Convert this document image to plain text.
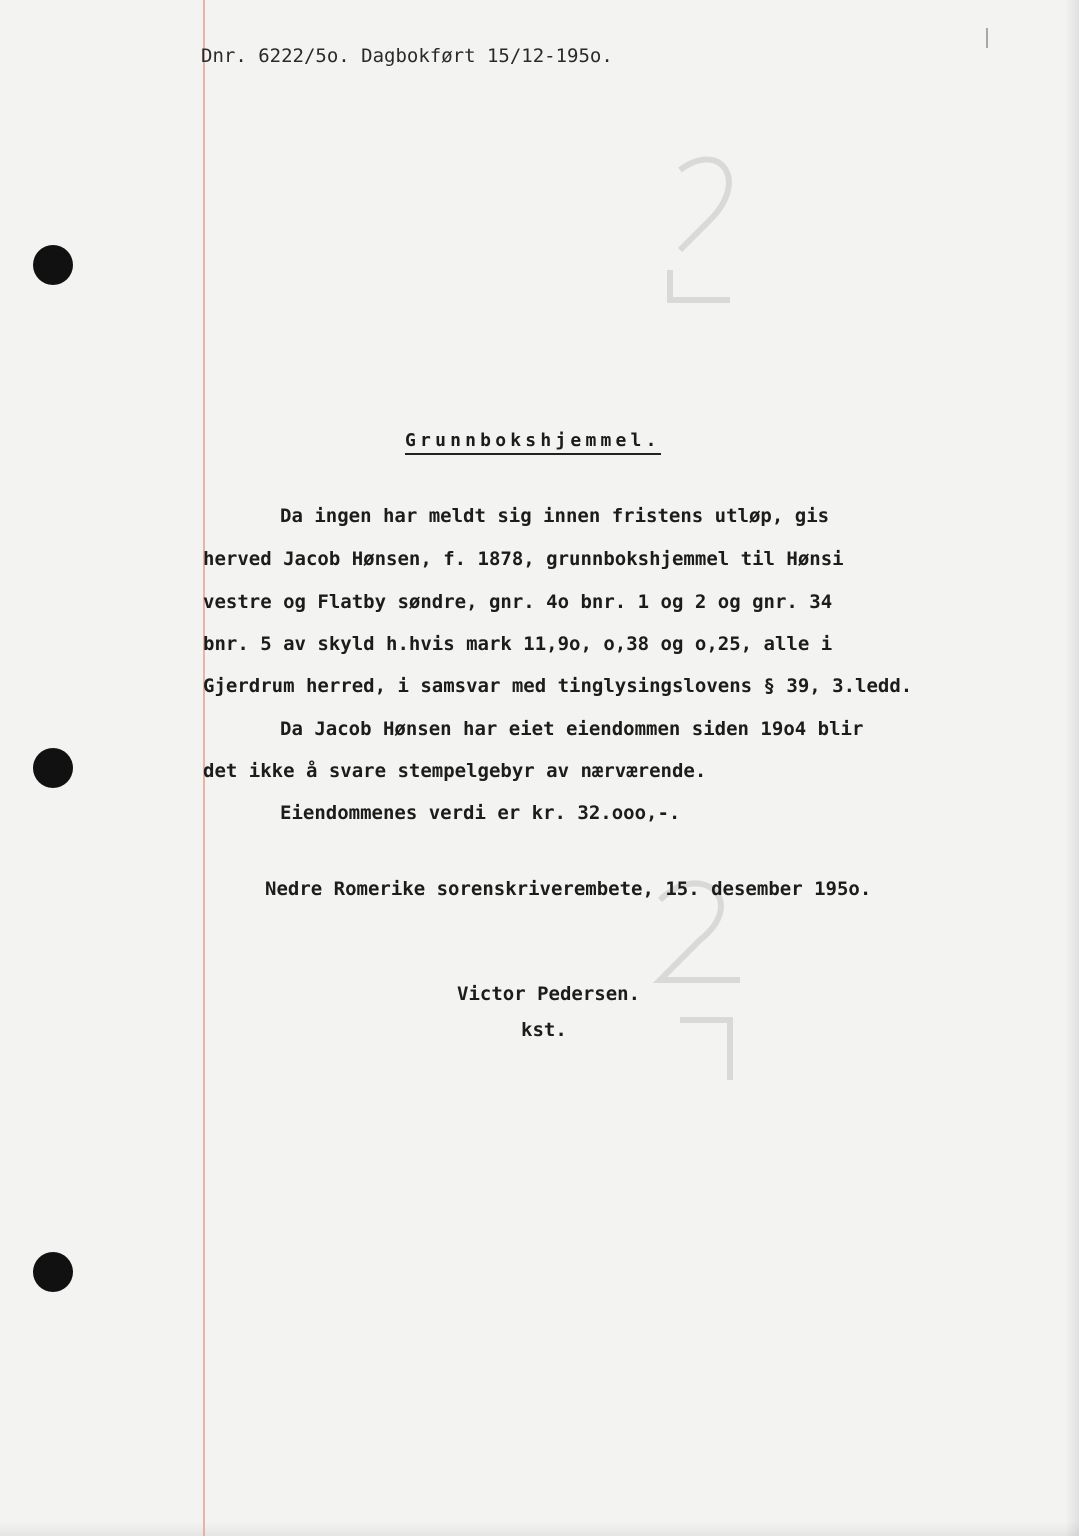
Dnr. 6222/5o. Dagbokført 15/12-195o.
Grunnbokshjemmel.
Da ingen har meldt sig innen fristens utløp, gis
herved Jacob Hønsen, f. 1878, grunnbokshjemmel til Hønsi
vestre og Flatby søndre, gnr. 4o bnr. 1 og 2 og gnr. 34
bnr. 5 av skyld h.hvis mark 11,9o, o,38 og o,25, alle i
Gjerdrum herred, i samsvar med tinglysingslovens § 39, 3.ledd.
Da Jacob Hønsen har eiet eiendommen siden 19o4 blir
det ikke å svare stempelgebyr av nærværende.
Eiendommenes verdi er kr. 32.ooo,-.
Nedre Romerike sorenskriverembete, 15. desember 195o.
Victor Pedersen.
kst.
